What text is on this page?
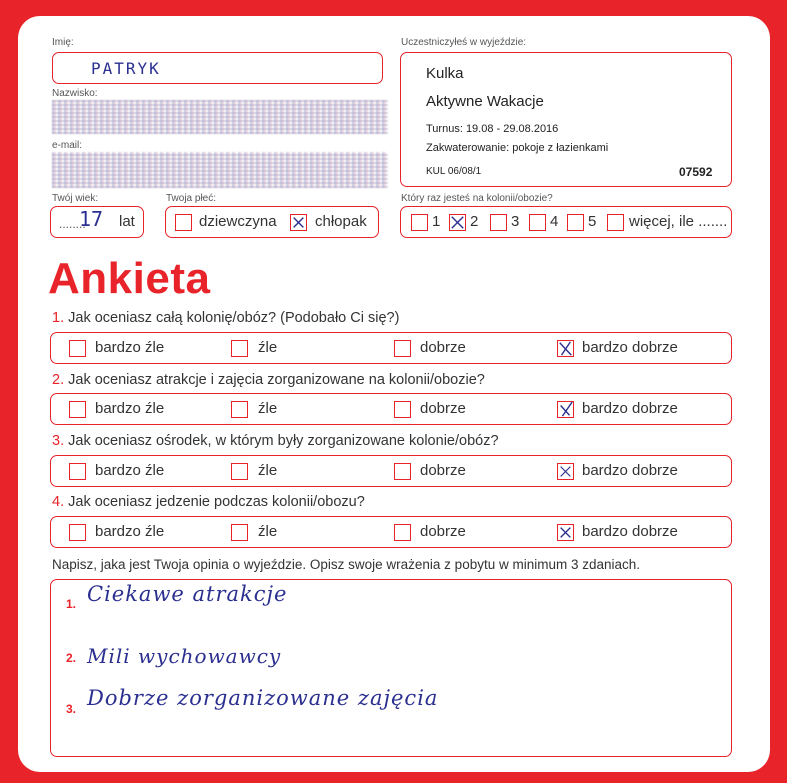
Imię:
PATRYK
Nazwisko:
e-mail:
Twój wiek:
........
17 lat
Twoja płeć:
dziewczyna	chłopak
Uczestniczyłeś w wyjeździe:
Kulka
Aktywne Wakacje
Turnus: 19.08 - 29.08.2016
Zakwaterowanie: pokoje z łazienkami
KUL 06/08/1	07592
Który raz jesteś na kolonii/obozie?
1 2 3 4 5 więcej, ile .......
Ankieta
1. Jak oceniasz całą kolonię/obóz? (Podobało Ci się?)
bardzo źle	źle	dobrze	bardzo dobrze
2. Jak oceniasz atrakcje i zajęcia zorganizowane na kolonii/obozie?
bardzo źle	źle	dobrze	bardzo dobrze
3. Jak oceniasz ośrodek, w którym były zorganizowane kolonie/obóz?
bardzo źle	źle	dobrze	bardzo dobrze
4. Jak oceniasz jedzenie podczas kolonii/obozu?
bardzo źle	źle	dobrze	bardzo dobrze
Napisz, jaka jest Twoja opinia o wyjeździe. Opisz swoje wrażenia z pobytu w minimum 3 zdaniach.
1. Ciekawe atrakcje
2. Mili wychowawcy
3. Dobrze zorganizowane zajęcia
